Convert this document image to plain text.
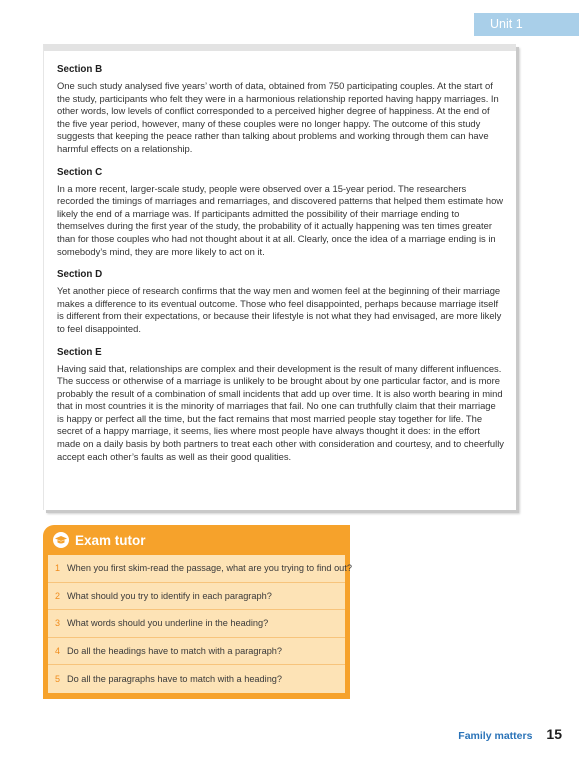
Unit 1
Section B

One such study analysed five years’ worth of data, obtained from 750 participating couples. At the start of the study, participants who felt they were in a harmonious relationship reported having happy marriages. In other words, low levels of conflict corresponded to a perceived higher degree of happiness. At the end of the five year period, however, many of these couples were no longer happy. The outcome of this study suggests that keeping the peace rather than talking about problems and working through them can have harmful effects on a relationship.

Section C

In a more recent, larger-scale study, people were observed over a 15-year period. The researchers recorded the timings of marriages and remarriages, and discovered patterns that helped them estimate how likely the end of a marriage was. If participants admitted the possibility of their marriage ending to themselves during the first year of the study, the probability of it actually happening was ten times greater than for those couples who had not thought about it at all. Clearly, once the idea of a marriage ending is in somebody’s mind, they are more likely to act on it.

Section D

Yet another piece of research confirms that the way men and women feel at the beginning of their marriage makes a difference to its eventual outcome. Those who feel disappointed, perhaps because marriage itself is different from their expectations, or because their lifestyle is not what they had envisaged, are more likely to feel disappointed.

Section E

Having said that, relationships are complex and their development is the result of many different influences. The success or otherwise of a marriage is unlikely to be brought about by one particular factor, and is more probably the result of a combination of small incidents that add up over time. It is also worth bearing in mind that in most countries it is the minority of marriages that fail. No one can truthfully claim that their marriage is happy or perfect all the time, but the fact remains that most married people stay together for life. The secret of a happy marriage, it seems, lies where most people have always thought it does: in the effort made on a daily basis by both partners to treat each other with consideration and courtesy, and to cheerfully accept each other’s faults as well as their good qualities.

Exam tutor
1 When you first skim-read the passage, what are you trying to find out?
2 What should you try to identify in each paragraph?
3 What words should you underline in the heading?
4 Do all the headings have to match with a paragraph?
5 Do all the paragraphs have to match with a heading?
Family matters 15
